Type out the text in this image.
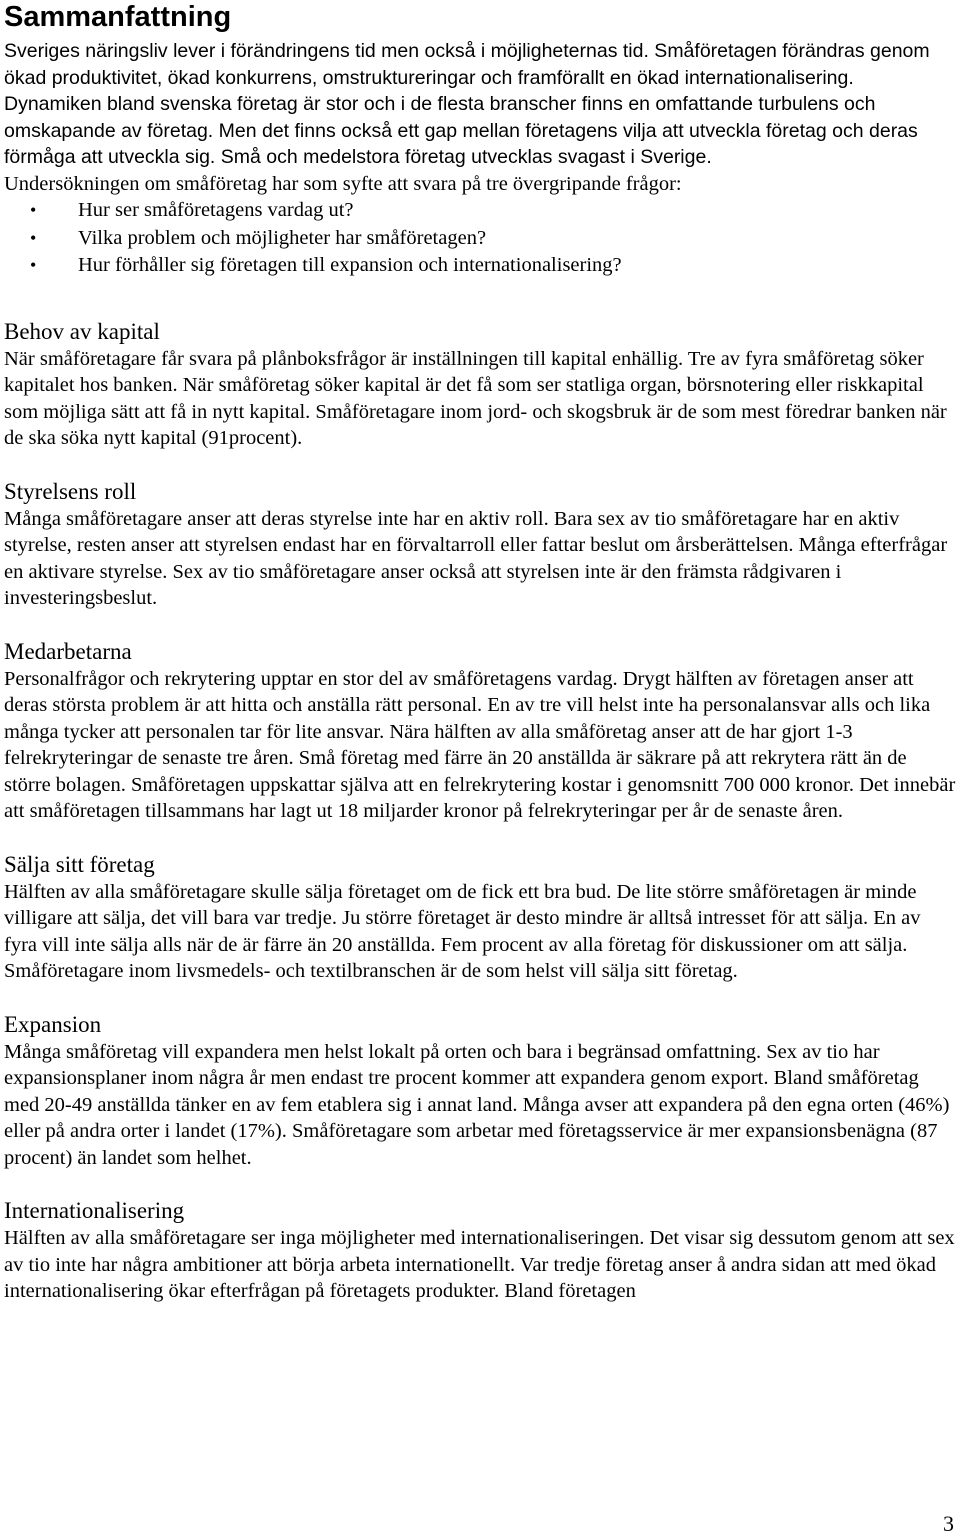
Sammanfattning

Sveriges näringsliv lever i förändringens tid men också i möjligheternas tid. Småföretagen förändras genom ökad produktivitet, ökad konkurrens, omstruktureringar och framförallt en ökad internationalisering. Dynamiken bland svenska företag är stor och i de flesta branscher finns en omfattande turbulens och omskapande av företag. Men det finns också ett gap mellan företagens vilja att utveckla företag och deras förmåga att utveckla sig. Små och medelstora företag utvecklas svagast i Sverige.

Undersökningen om småföretag har som syfte att svara på tre övergripande frågor:

• Hur ser småföretagens vardag ut?
• Vilka problem och möjligheter har småföretagen?
• Hur förhåller sig företagen till expansion och internationalisering?
Behov av kapital

När småföretagare får svara på plånboksfrågor är inställningen till kapital enhällig. Tre av fyra småföretag söker kapitalet hos banken. När småföretag söker kapital är det få som ser statliga organ, börsnotering eller riskkapital som möjliga sätt att få in nytt kapital. Småföretagare inom jord- och skogsbruk är de som mest föredrar banken när de ska söka nytt kapital (91procent).

Styrelsens roll

Många småföretagare anser att deras styrelse inte har en aktiv roll. Bara sex av tio småföretagare har en aktiv styrelse, resten anser att styrelsen endast har en förvaltarroll eller fattar beslut om årsberättelsen. Många efterfrågar en aktivare styrelse. Sex av tio småföretagare anser också att styrelsen inte är den främsta rådgivaren i investeringsbeslut.

Medarbetarna

Personalfrågor och rekrytering upptar en stor del av småföretagens vardag. Drygt hälften av företagen anser att deras största problem är att hitta och anställa rätt personal. En av tre vill helst inte ha personalansvar alls och lika många tycker att personalen tar för lite ansvar. Nära hälften av alla småföretag anser att de har gjort 1-3 felrekryteringar de senaste tre åren. Små företag med färre än 20 anställda är säkrare på att rekrytera rätt än de större bolagen. Småföretagen uppskattar själva att en felrekrytering kostar i genomsnitt 700 000 kronor. Det innebär att småföretagen tillsammans har lagt ut 18 miljarder kronor på felrekryteringar per år de senaste åren.

Sälja sitt företag

Hälften av alla småföretagare skulle sälja företaget om de fick ett bra bud. De lite större småföretagen är minde villigare att sälja, det vill bara var tredje. Ju större företaget är desto mindre är alltså intresset för att sälja. En av fyra vill inte sälja alls när de är färre än 20 anställda. Fem procent av alla företag för diskussioner om att sälja. Småföretagare inom livsmedels- och textilbranschen är de som helst vill sälja sitt företag.

Expansion

Många småföretag vill expandera men helst lokalt på orten och bara i begränsad omfattning. Sex av tio har expansionsplaner inom några år men endast tre procent kommer att expandera genom export. Bland småföretag med 20-49 anställda tänker en av fem etablera sig i annat land. Många avser att expandera på den egna orten (46%) eller på andra orter i landet (17%). Småföretagare som arbetar med företagsservice är mer expansionsbenägna (87 procent) än landet som helhet.

Internationalisering

Hälften av alla småföretagare ser inga möjligheter med internationaliseringen. Det visar sig dessutom genom att sex av tio inte har några ambitioner att börja arbeta internationellt. Var tredje företag anser å andra sidan att med ökad internationalisering ökar efterfrågan på företagets produkter. Bland företagen

3
